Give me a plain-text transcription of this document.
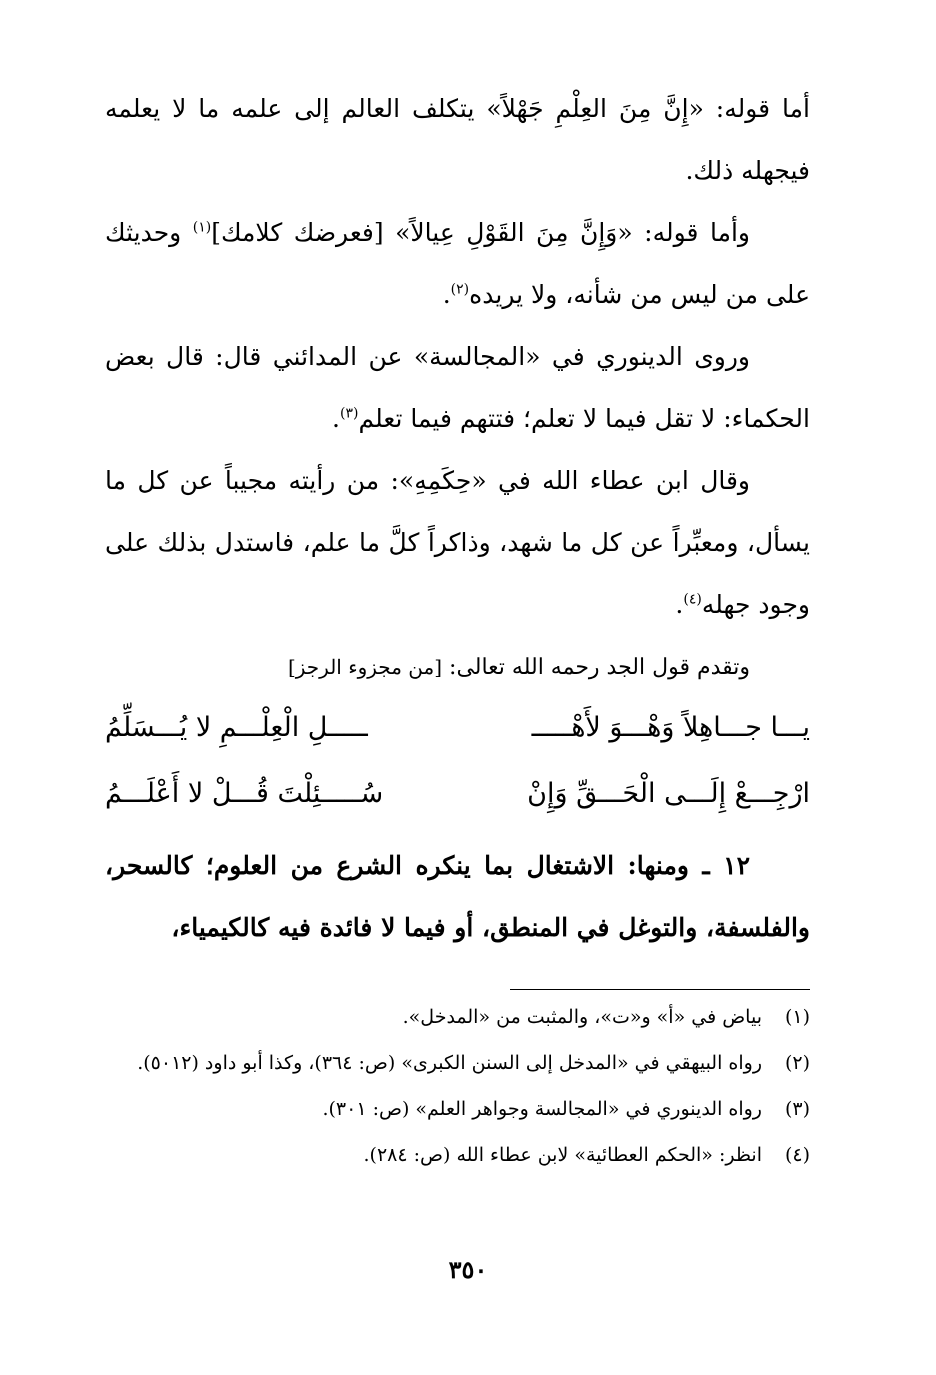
أما قوله: «إِنَّ مِنَ العِلْمِ جَهْلاً» يتكلف العالم إلى علمه ما لا يعلمه فيجهله ذلك.

وأما قوله: «وَإِنَّ مِنَ القَوْلِ عِيالاً» [فعرضك كلامك]$^{(١)}$ وحديثك على من ليس من شأنه، ولا يريده$^{(٢)}$.

وروى الدينوري في «المجالسة» عن المدائني قال: قال بعض الحكماء: لا تقل فيما لا تعلم؛ فتتهم فيما تعلم$^{(٣)}$.

وقال ابن عطاء الله في «حِكَمِهِ»: من رأيته مجيباً عن كل ما يسأل، ومعبِّراً عن كل ما شهد، وذاكراً كلَّ ما علم، فاستدل بذلك على وجود جهله$^{(٤)}$.

وتقدم قول الجد رحمه الله تعالى: [من مجزوء الرجز]
يـــا جـــاهِلاً وَهْـــوَ لأَهْـــــ
ـــــلِ الْعِلْـــمِ لا يُـــسَلِّمُ
ارْجِـــعْ إِلَـــى الْحَـــقِّ وَإِنْ
سُـــــئِلْتَ قُـــلْ لا أَعْلَـــمُ

١٢ ـ ومنها: الاشتغال بما ينكره الشرع من العلوم؛ كالسحر، والفلسفة، والتوغل في المنطق، أو فيما لا فائدة فيه كالكيمياء،

(١)
بياض في «أ» و«ت»، والمثبت من «المدخل».
(٢)
رواه البيهقي في «المدخل إلى السنن الكبرى» (ص: ٣٦٤)، وكذا أبو داود (٥٠١٢).
(٣)
رواه الدينوري في «المجالسة وجواهر العلم» (ص: ٣٠١).
(٤)
انظر: «الحكم العطائية» لابن عطاء الله (ص: ٢٨٤).
٣٥٠
